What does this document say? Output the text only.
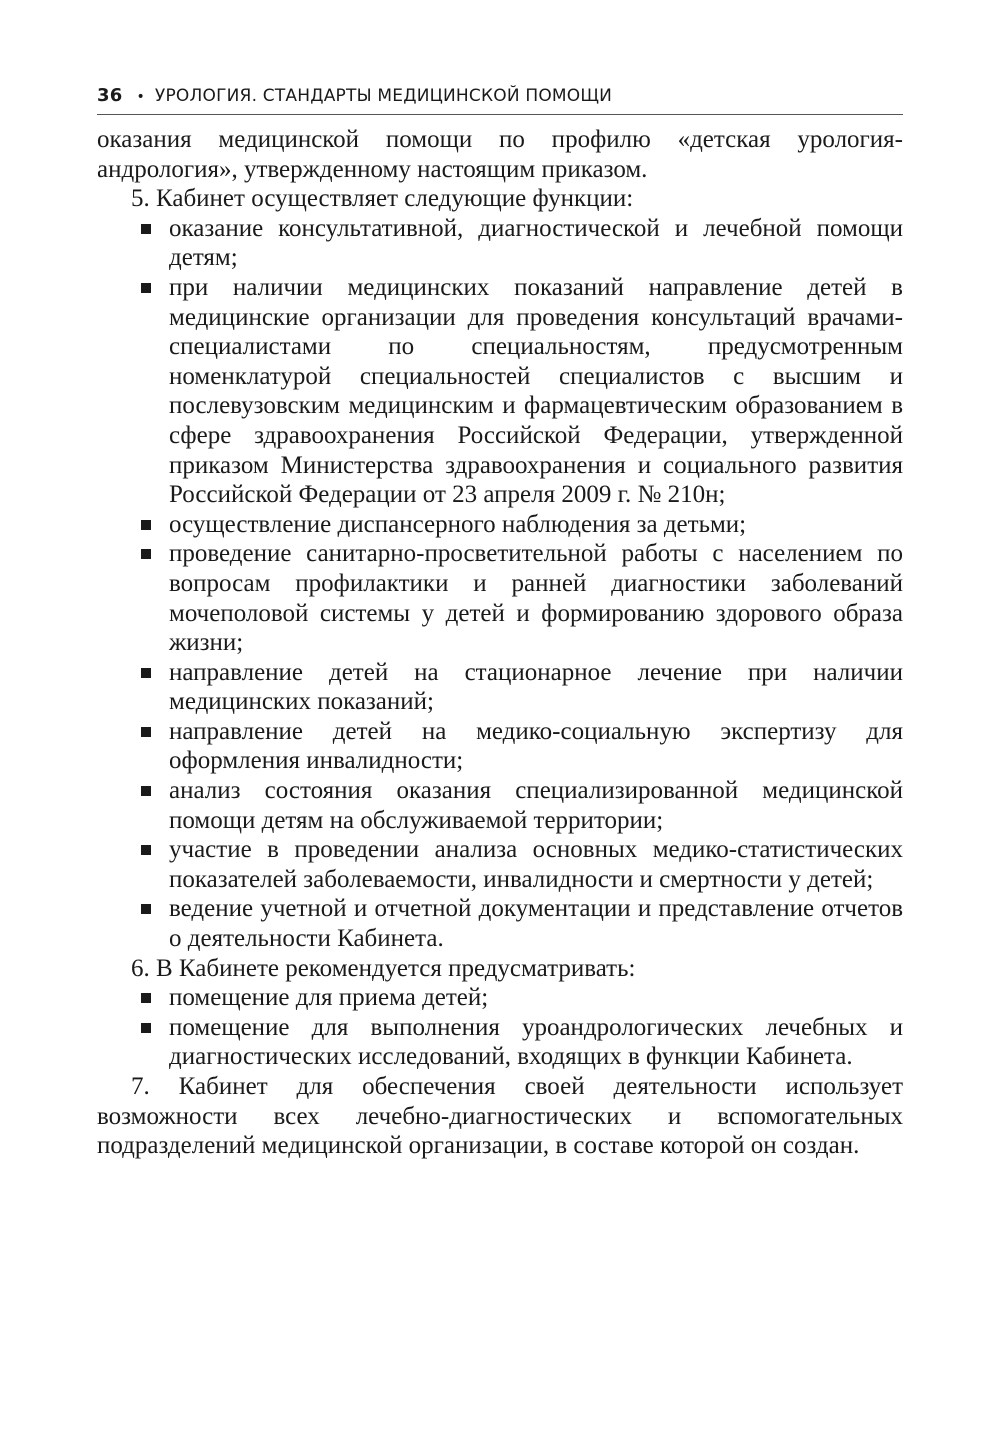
36 • УРОЛОГИЯ. СТАНДАРТЫ МЕДИЦИНСКОЙ ПОМОЩИ

оказания медицинской помощи по профилю «детская урология-андрология», утвержденному настоящим приказом.

5. Кабинет осуществляет следующие функции:

оказание консультативной, диагностической и лечебной помощи детям;
при наличии медицинских показаний направление детей в медицинские организации для проведения консультаций врачами-специалистами по специальностям, предусмотренным номенклатурой специальностей специалистов с высшим и послевузовским медицинским и фармацевтическим образованием в сфере здравоохранения Российской Федерации, утвержденной приказом Министерства здравоохранения и социального развития Российской Федерации от 23 апреля 2009 г. № 210н;
осуществление диспансерного наблюдения за детьми;
проведение санитарно-просветительной работы с населением по вопросам профилактики и ранней диагностики заболеваний мочеполовой системы у детей и формированию здорового образа жизни;
направление детей на стационарное лечение при наличии медицинских показаний;
направление детей на медико-социальную экспертизу для оформления инвалидности;
анализ состояния оказания специализированной медицинской помощи детям на обслуживаемой территории;
участие в проведении анализа основных медико-статистических показателей заболеваемости, инвалидности и смертности у детей;
ведение учетной и отчетной документации и представление отчетов о деятельности Кабинета.

6. В Кабинете рекомендуется предусматривать:

помещение для приема детей;
помещение для выполнения уроандрологических лечебных и диагностических исследований, входящих в функции Кабинета.

7. Кабинет для обеспечения своей деятельности использует возможности всех лечебно-диагностических и вспомогательных подразделений медицинской организации, в составе которой он создан.
